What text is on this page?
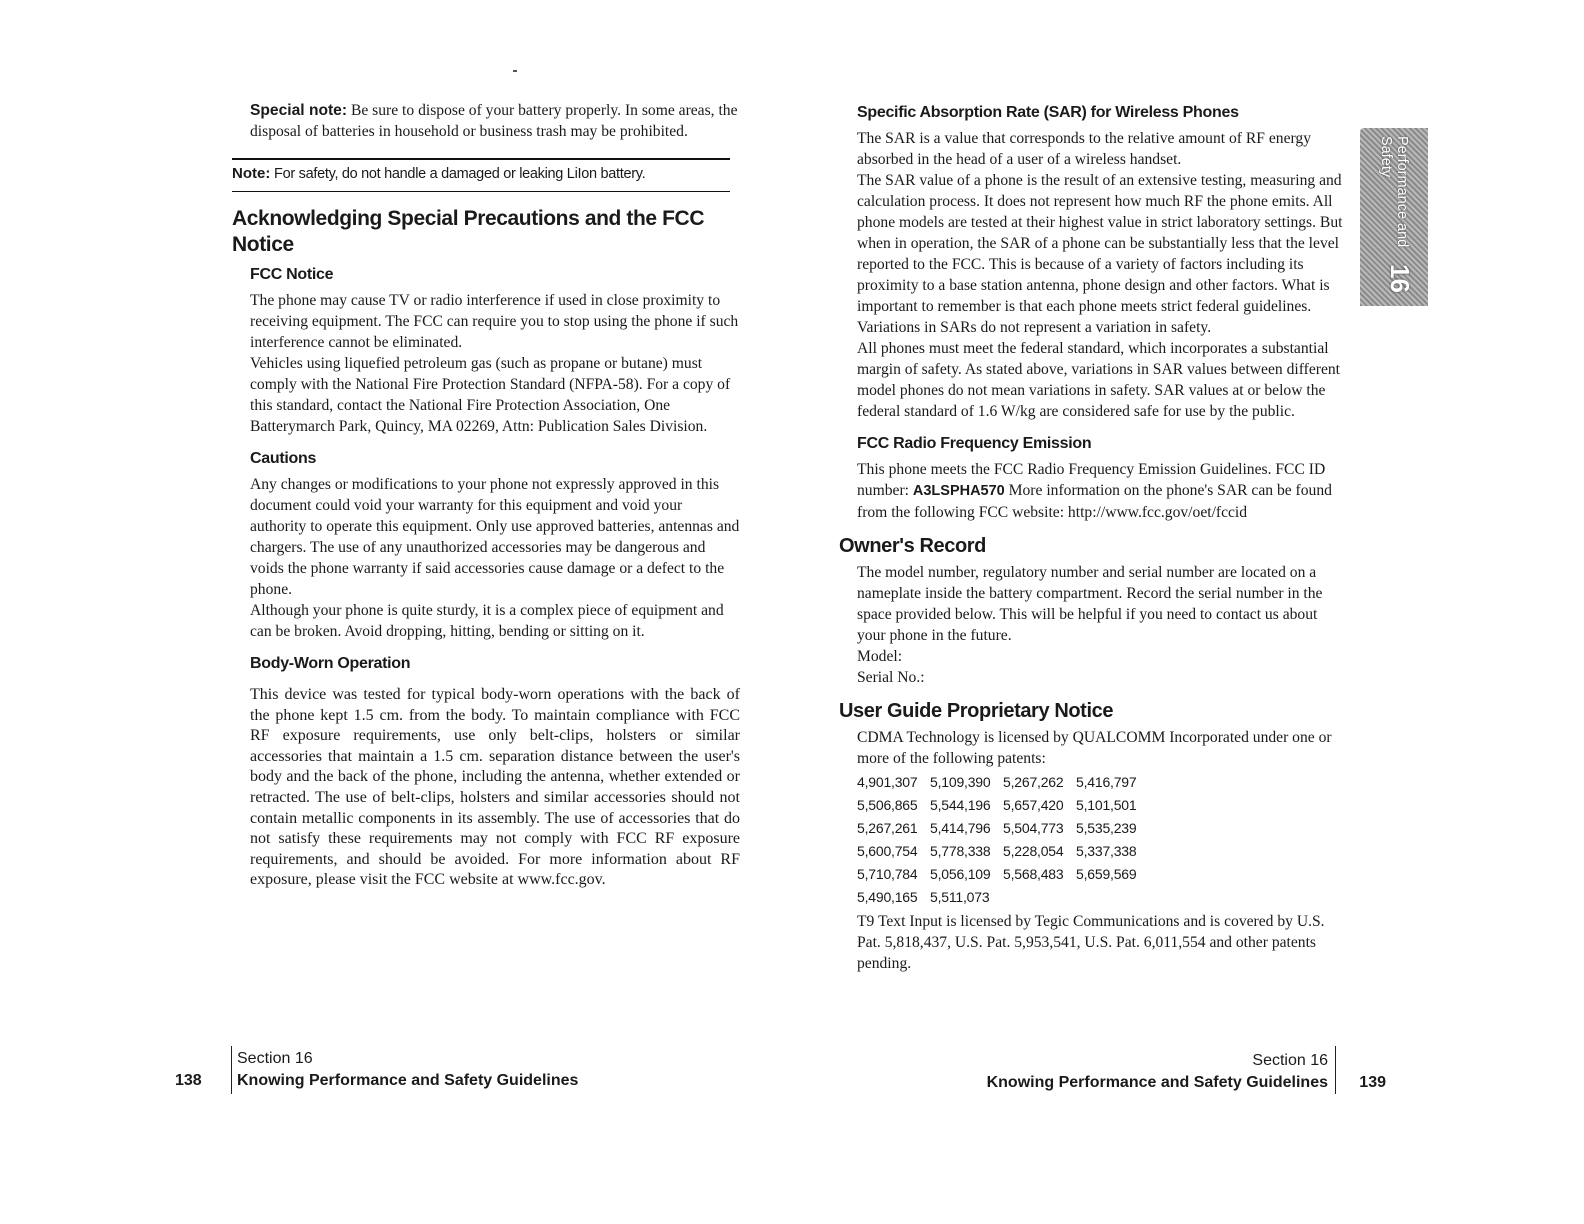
Special note: Be sure to dispose of your battery properly. In some areas, the disposal of batteries in household or business trash may be prohibited.

Note: For safety, do not handle a damaged or leaking LiIon battery.
Acknowledging Special Precautions and the FCC Notice
FCC Notice

The phone may cause TV or radio interference if used in close proximity to receiving equipment. The FCC can require you to stop using the phone if such interference cannot be eliminated.

Vehicles using liquefied petroleum gas (such as propane or butane) must comply with the National Fire Protection Standard (NFPA-58). For a copy of this standard, contact the National Fire Protection Association, One Batterymarch Park, Quincy, MA 02269, Attn: Publication Sales Division.

Cautions

Any changes or modifications to your phone not expressly approved in this document could void your warranty for this equipment and void your authority to operate this equipment. Only use approved batteries, antennas and chargers. The use of any unauthorized accessories may be dangerous and voids the phone warranty if said accessories cause damage or a defect to the phone.

Although your phone is quite sturdy, it is a complex piece of equipment and can be broken. Avoid dropping, hitting, bending or sitting on it.

Body-Worn Operation

This device was tested for typical body-worn operations with the back of the phone kept 1.5 cm. from the body. To maintain compliance with FCC RF exposure requirements, use only belt-clips, holsters or similar accessories that maintain a 1.5 cm. separation distance between the user's body and the back of the phone, including the antenna, whether extended or retracted. The use of belt-clips, holsters and similar accessories should not contain metallic components in its assembly. The use of accessories that do not satisfy these requirements may not comply with FCC RF exposure requirements, and should be avoided. For more information about RF exposure, please visit the FCC website at www.fcc.gov.

Specific Absorption Rate (SAR) for Wireless Phones

The SAR is a value that corresponds to the relative amount of RF energy absorbed in the head of a user of a wireless handset.

The SAR value of a phone is the result of an extensive testing, measuring and calculation process. It does not represent how much RF the phone emits. All phone models are tested at their highest value in strict laboratory settings. But when in operation, the SAR of a phone can be substantially less that the level reported to the FCC. This is because of a variety of factors including its proximity to a base station antenna, phone design and other factors. What is important to remember is that each phone meets strict federal guidelines. Variations in SARs do not represent a variation in safety.

All phones must meet the federal standard, which incorporates a substantial margin of safety. As stated above, variations in SAR values between different model phones do not mean variations in safety. SAR values at or below the federal standard of 1.6 W/kg are considered safe for use by the public.

FCC Radio Frequency Emission

This phone meets the FCC Radio Frequency Emission Guidelines. FCC ID number: A3LSPHA570 More information on the phone's SAR can be found from the following FCC website: http://www.fcc.gov/oet/fccid

Owner's Record

The model number, regulatory number and serial number are located on a nameplate inside the battery compartment. Record the serial number in the space provided below. This will be helpful if you need to contact us about your phone in the future.

Model:

Serial No.:

User Guide Proprietary Notice

CDMA Technology is licensed by QUALCOMM Incorporated under one or more of the following patents:

4,901,307 5,109,390 5,267,262 5,416,797
5,506,865 5,544,196 5,657,420 5,101,501
5,267,261 5,414,796 5,504,773 5,535,239
5,600,754 5,778,338 5,228,054 5,337,338
5,710,784 5,056,109 5,568,483 5,659,569
5,490,165 5,511,073

T9 Text Input is licensed by Tegic Communications and is covered by U.S. Pat. 5,818,437, U.S. Pat. 5,953,541, U.S. Pat. 6,011,554 and other patents pending.

Performance and Safety
16
138
Section 16
Knowing Performance and Safety Guidelines
Section 16
Knowing Performance and Safety Guidelines 139
